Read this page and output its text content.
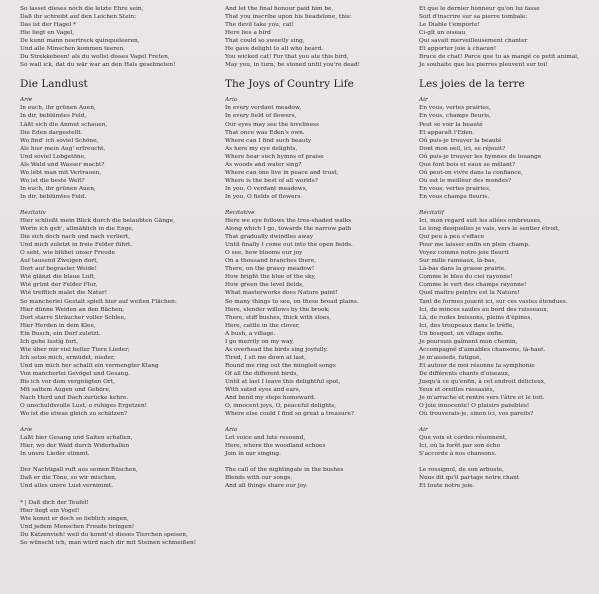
So lasset dieses noch die letzte Ehre sein,
Daß ihr schreibt auf den Leichen Stein:
Das ist der Hagel *
Hie liegt en Vagel,
De kunn mann neertreck quinqueleeren,
Und alle Minschen kommen teeren.
Du Strekkebeen! als du wollst disses Vagel Freten,
So wall ick, dat du wär war an den Hals gesebneten!
Die Landlust
Arie
In euch, ihr grünen Auen,
In dir, beblümtes Feld,
Läßt sich die Anmut schauen,
Die Eden dargestellt.
Wo find' ich soviel Schöne,
Als hier mein Aug' erfreucht,
Und soviel Lobgetöne,
Als Wald und Wasser macht?
Wo lebt man mit Vertrauen,
Wo ist die beste Welt?
In euch, ihr grünen Auen,
In dir, beblümtes Feld.
Rezitativ
Hier schließt mein Blick durch die belaubten Gänge,
Worin ich geh', allmählich in die Enge,
Die sich doch nach und nach verliert,
Und mich zuletzt in freie Felder führt.
O seht, wie blühet unser Freude
Auf tausend Zweigen dort,
Dort auf begraster Weide!
Wie glänzt die blaue Luft,
Wie grünt der Felder Flur,
Wie trefflich malet die Natur!
So mancherlei Gestalt spielt hier auf weiten Flächen:
Hier dünne Weiden an den Bächen,
Dort starre Sträucher voller Schlee,
Hier Herden in dem Klee,
Ein Busch, ein Dorf zuletzt.
Ich gehe lustig fort,
Wie über mir viel heller Tiere Lieder;
Ich setze mich, ermüdet, nieder,
Und um mich her schallt ein vermengter Klang
Von mancherlei Gevögel und Gesang.
Bis ich vor dem vergnügten Ort,
Mit sattem Augen und Gehöre,
Nach Herd und Dach zurücke kehre.
O unschuldsvolle Lust, o ruhiges Ergetzen!
Wo ist die etwas gleich zu schätzen?
Arie
Laßt hier Gesang und Saiten schallen,
Hier, wo der Wald durch Widerhallen
In unsre Lieder stimmt.
Der Nachtigall ruft aus seinen Büschen,
Daß er die Töne, so wir mischen,
Und alles unsre Lust vernimmt.
* | Daß dich der Teufel!
Hier liegt ein Vogel!
Wie konnt er doch so lieblich singen,
Und jedem Menschen Freude bringen!
Du Katzenvieh! weil du konnt'st dieses Tierchen speisen,
So wünscht ich, man würd nach dir mit Steinen schmeißen!
And let the final honour paid him be,
That you inscribe upon his headstone, this:
The devil take you, cat!
Here lies a bird
That could so sweetly sing,
He gave delight to all who heard.
You wicked cat! For that you ate this bird,
May you, in turn, be stoned until you're dead!
The Joys of Country Life
Aria
In every verdant meadow,
In every field of flowers,
Our eyes may see the loveliness
That once was Eden's own.
Where can I find such beauty
As here my eye delights,
Where hear such hymns of praise
As woods and water sing?
Where can one live in peace and trust,
Where is the best of all worlds?
In you, O verdant meadows,
In you, O fields of flowers.
Recitative
Here we eye follows the tree-shaded walks
Along which I go, towards the narrow path
That gradually dwindles away
Until finally I come out into the open fields.
O see, how blooms our joy
On a thousand branches there,
There, on the grassy meadow!
How bright the blue of the sky,
How green the level fields,
What masterworks does Nature paint!
So many things to see, on these broad plains.
Here, slender willows by the brook;
There, stiff bushes, thick with sloes,
Here, cattle in the clover,
A bush, a village.
I go merrily on my way,
As overhead the birds sing joyfully.
Tired, I sit me down at last,
Round me ring out the mingled songs
Of all the different birds,
Until at last I leave this delightful spot,
With sated eyes and ears,
And bend my steps homeward.
O, innocent joys, O, peaceful delights,
Where else could I find so great a treasure?
Aria
Let voice and lute resound,
Here, where the woodland echoes
Join in our singing.
The call of the nightingale in the bushes
Blends with our songs,
And all things share our joy.
Et que le dernier honneur qu'on lui fasse
Soit d'inscrire sur sa pierre tombale:
Le Diable t'emporte!
Ci-gît un oiseau
Qui savait merveilleusement chanter
Et apporter joie à chacun!
Bruce de chat! Parce que tu as mangé ce petit animal,
Je souhaite que les pierres pleuvent sur toi!
Les joies de la terre
Air
En vous, vertes prairies,
En vous, champs fleuris,
Peut se voir la beauté
Et apparaît l'Eden.
Où puis-je trouver la beauté
Dont mon oeil, ici, se réjouit?
Où puis-je trouver les hymnes de louange
Que font bois et eaux se mêlant?
Où peut-on vivre dans la confiance,
Où est le meilleur des mondes?
En vous, vertes prairies,
En vous champs fleuris.
Récitatif
Ici, mon regard suit les allées ombreuses,
Le long desquelles je vais, vers le sentier étroit,
Qui peu à peu s'efface
Pour me laisser enfin en plein champ.
Voyez comme notre joie fleurit
Sur mille rameaux, là-bas,
Là-bas dans la grasse prairie.
Comme le bleu du ciel rayonne!
Comme le vert des champs rayonne!
Quel maître peintre est la Nature!
Tant de formes jouent ici, sur ces vastes étendues.
Ici, de minces saules au bord des ruisseaux,
Là, de rudes buissons, pleins d'épines,
Ici, des troupeaux dans le trèfle,
Un bosquet, un village enfin.
Je poursuis gaîment mon chemin,
Accompagné d'aimables chansons, là-haut.
Je m'assieds, fatigué,
Et autour de moi résonne la symphonie
De différents chants d'oiseaux,
Jusqu'à ce qu'enfin, à cet endroit délicieux,
Yeux et oreilles rassasiés,
Je m'arrache et rentre vers l'âtre et le toit.
O joie innocente! O plaisirs paisibles!
Où trouverais-je, sinon ici, vos pareils?
Air
Que voix et cordes résonnent,
Ici, où la forêt par son écho
S'accorde à nos chansons.
Le rossignol, de son arbuste,
Nous dit qu'il partage notre chant
Et toute notre joie.
